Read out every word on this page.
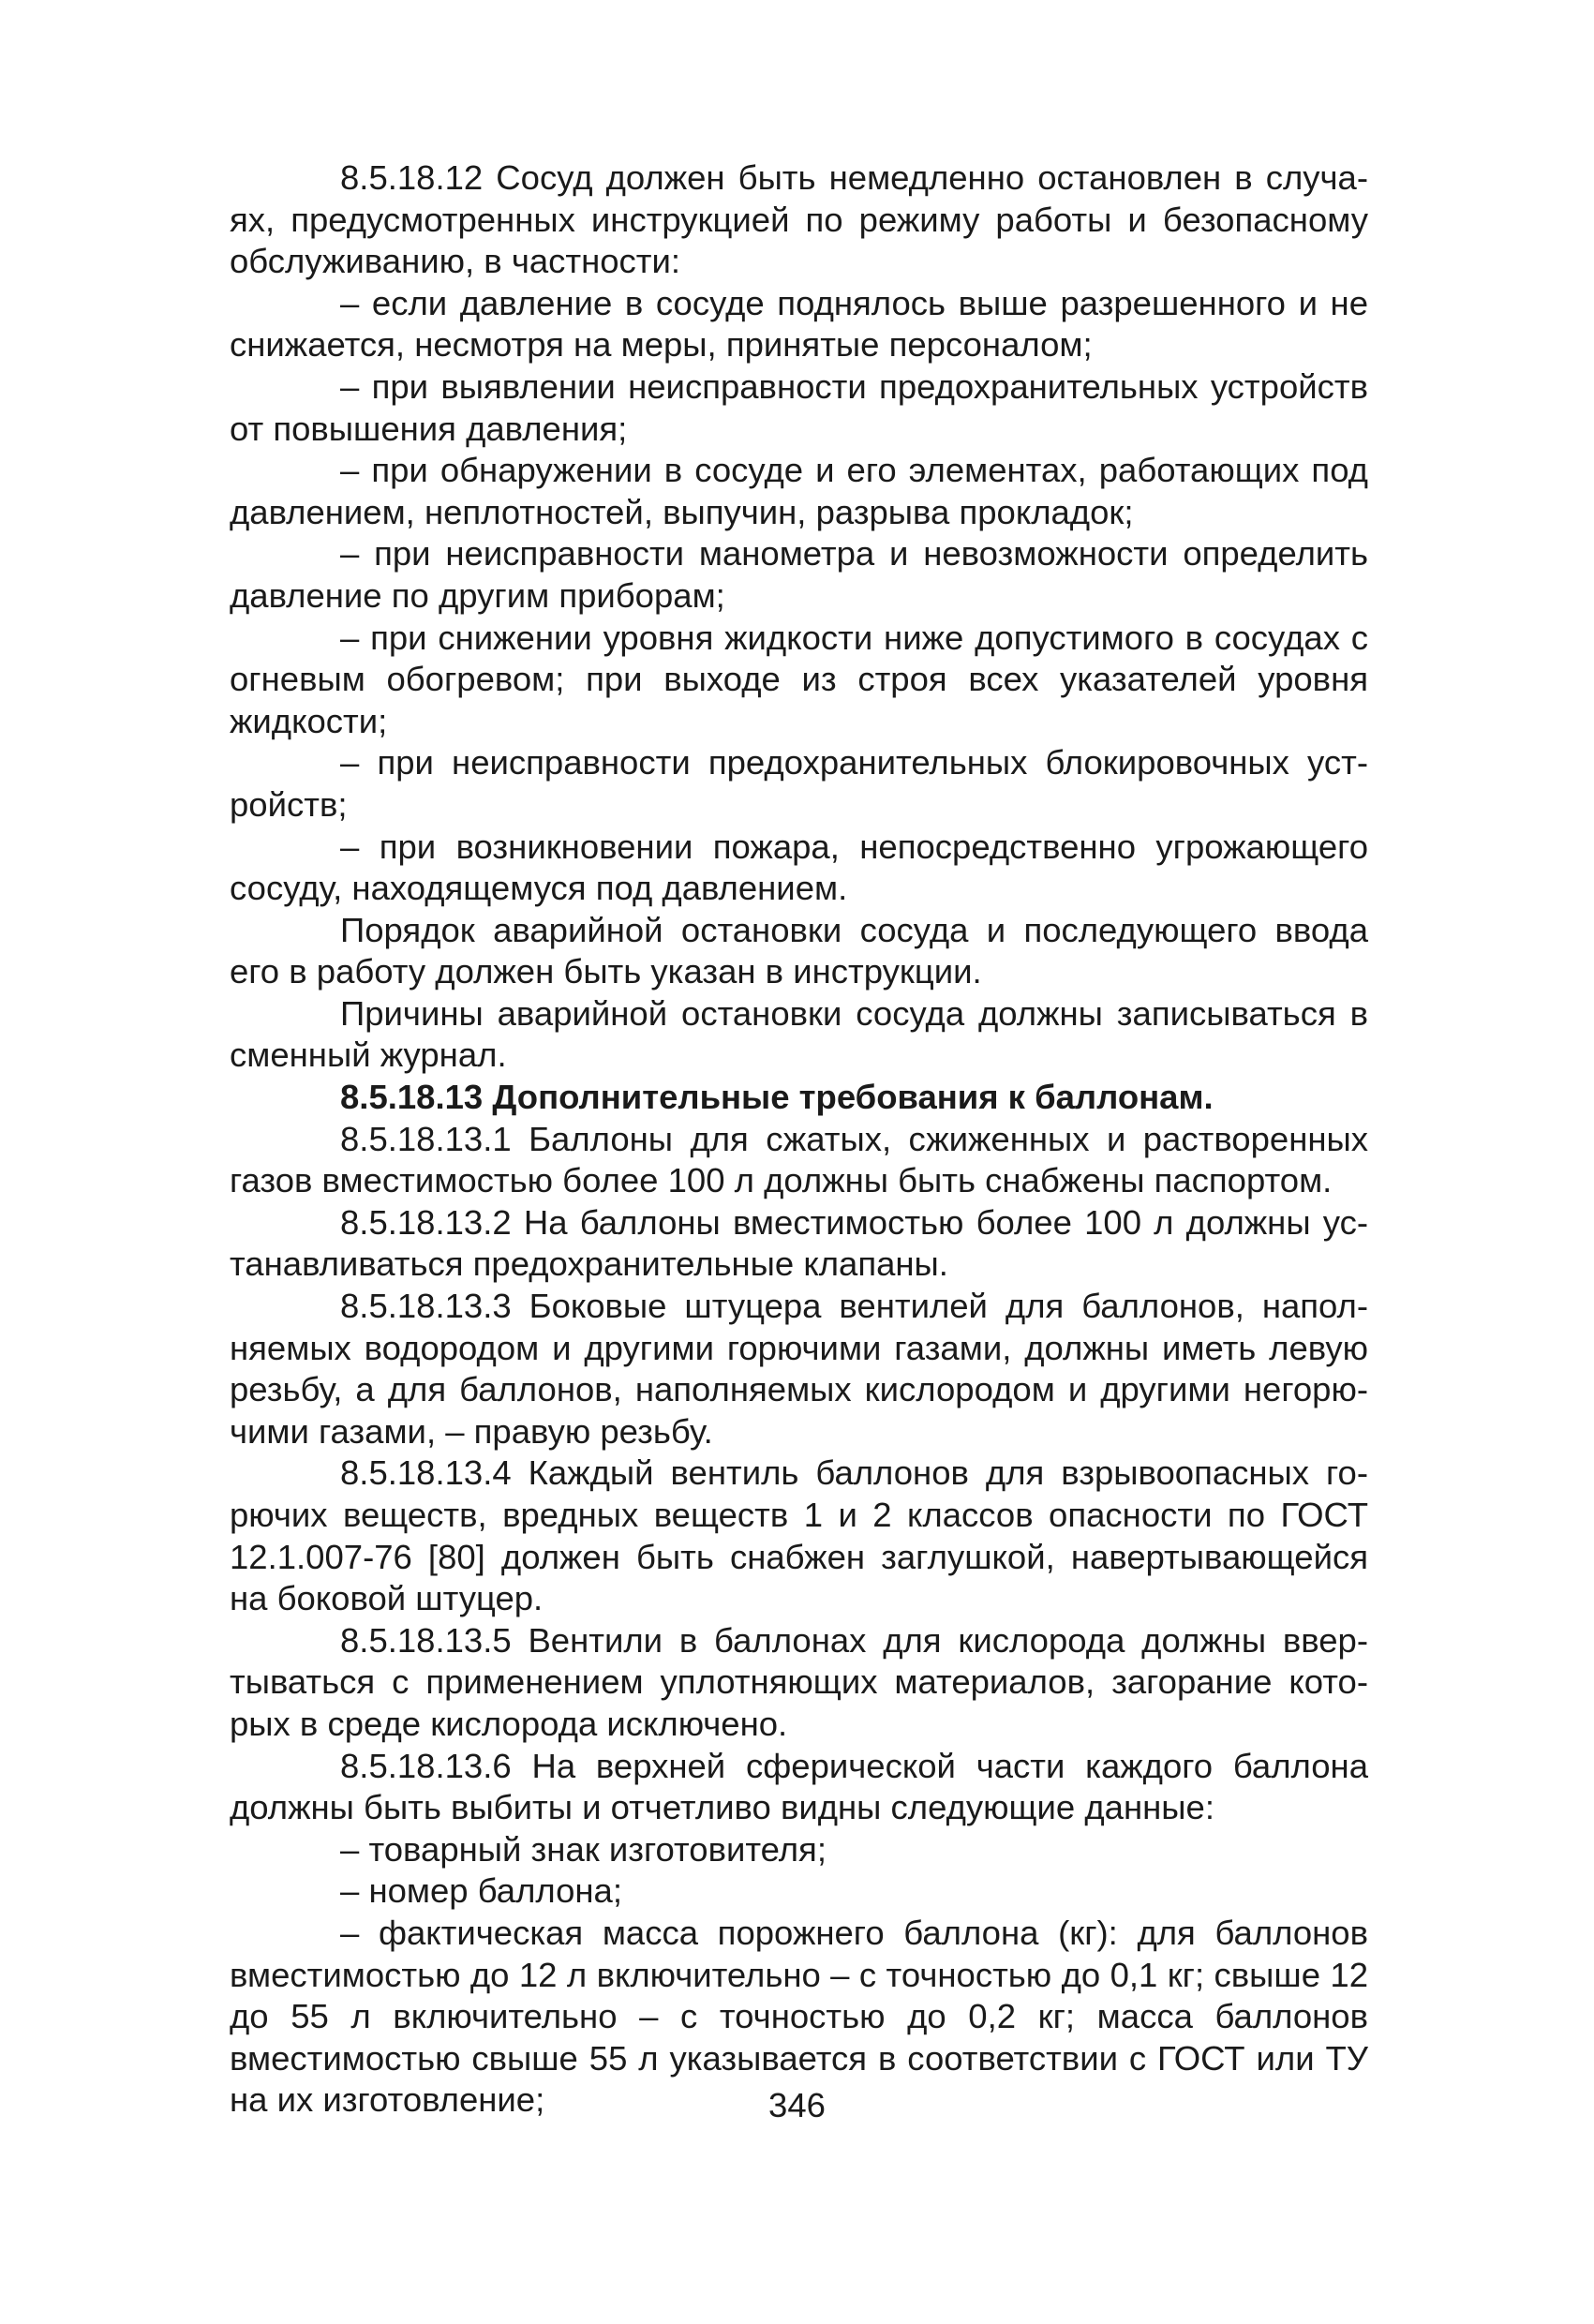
8.5.18.12 Сосуд должен быть немедленно остановлен в случаях, предусмотренных инструкцией по режиму работы и безопасному обслуживанию, в частности:

– если давление в сосуде поднялось выше разрешенного и не снижается, несмотря на меры, принятые персоналом;

– при выявлении неисправности предохранительных устройств от повышения давления;

– при обнаружении в сосуде и его элементах, работающих под давлением, неплотностей, выпучин, разрыва прокладок;

– при неисправности манометра и невозможности определить давление по другим приборам;

– при снижении уровня жидкости ниже допустимого в сосудах с огневым обогревом; при выходе из строя всех указателей уровня жидкости;

– при неисправности предохранительных блокировочных устройств;

– при возникновении пожара, непосредственно угрожающего сосуду, находящемуся под давлением.

Порядок аварийной остановки сосуда и последующего ввода его в работу должен быть указан в инструкции.

Причины аварийной остановки сосуда должны записываться в сменный журнал.

8.5.18.13 Дополнительные требования к баллонам.

8.5.18.13.1 Баллоны для сжатых, сжиженных и растворенных газов вместимостью более 100 л должны быть снабжены паспортом.

8.5.18.13.2 На баллоны вместимостью более 100 л должны устанавливаться предохранительные клапаны.

8.5.18.13.3 Боковые штуцера вентилей для баллонов, наполняемых водородом и другими горючими газами, должны иметь левую резьбу, а для баллонов, наполняемых кислородом и другими негорючими газами, – правую резьбу.

8.5.18.13.4 Каждый вентиль баллонов для взрывоопасных горючих веществ, вредных веществ 1 и 2 классов опасности по ГОСТ 12.1.007-76 [80] должен быть снабжен заглушкой, навертывающейся на боковой штуцер.

8.5.18.13.5 Вентили в баллонах для кислорода должны ввертываться с применением уплотняющих материалов, загорание которых в среде кислорода исключено.

8.5.18.13.6 На верхней сферической части каждого баллона должны быть выбиты и отчетливо видны следующие данные:

– товарный знак изготовителя;

– номер баллона;

– фактическая масса порожнего баллона (кг): для баллонов вместимостью до 12 л включительно – с точностью до 0,1 кг; свыше 12 до 55 л включительно – с точностью до 0,2 кг; масса баллонов вместимостью свыше 55 л указывается в соответствии с ГОСТ или ТУ на их изготовление;	346
